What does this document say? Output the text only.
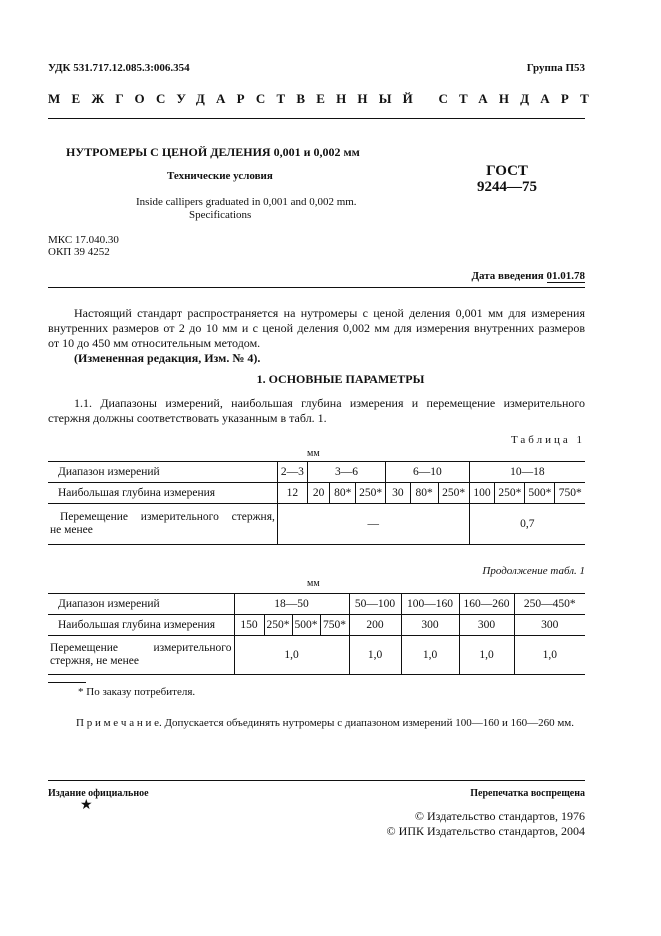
УДК 531.717.12.085.3:006.354	Группа П53
МЕЖГОСУДАРСТВЕННЫЙ СТАНДАРТ
НУТРОМЕРЫ С ЦЕНОЙ ДЕЛЕНИЯ 0,001 и 0,002 мм
Технические условия
Inside callipers graduated in 0,001 and 0,002 mm.
Specifications
ГОСТ
9244—75
МКС 17.040.30
ОКП 39 4252
Дата введения 01.01.78
Настоящий стандарт распространяется на нутромеры с ценой деления 0,001 мм для измерения
внутренних размеров от 2 до 10 мм и с ценой деления 0,002 мм для измерения внутренних размеров
от 10 до 450 мм относительным методом.
(Измененная редакция, Изм. № 4).
1. ОСНОВНЫЕ ПАРАМЕТРЫ
1.1. Диапазоны измерений, наибольшая глубина измерения и перемещение измерительного
стержня должны соответствовать указанным в табл. 1.
Таблица 1
мм
Диапазон измерений	2—3	3—6			6—10			10—18			
Наибольшая глубина измерения	12	20	80*	250*	30	80*	250*	100	250*	500*	750*

Перемещение измерительного стержня,
не менее	—							0,7			
Продолжение табл. 1
мм
Диапазон измерений	18—50				50—100	100—160	160—260	250—450*
Наибольшая глубина измерения	150	250*	500*	750*	200	300	300	300

Перемещение измерительного
стержня, не менее	1,0				1,0	1,0	1,0	1,0
* По заказу потребителя.
П р и м е ч а н и е. Допускается объединять нутромеры с диапазоном измерений 100—160 и 160—260 мм.
Издание официальное	Перепечатка воспрещена
★
© Издательство стандартов, 1976
© ИПК Издательство стандартов, 2004
